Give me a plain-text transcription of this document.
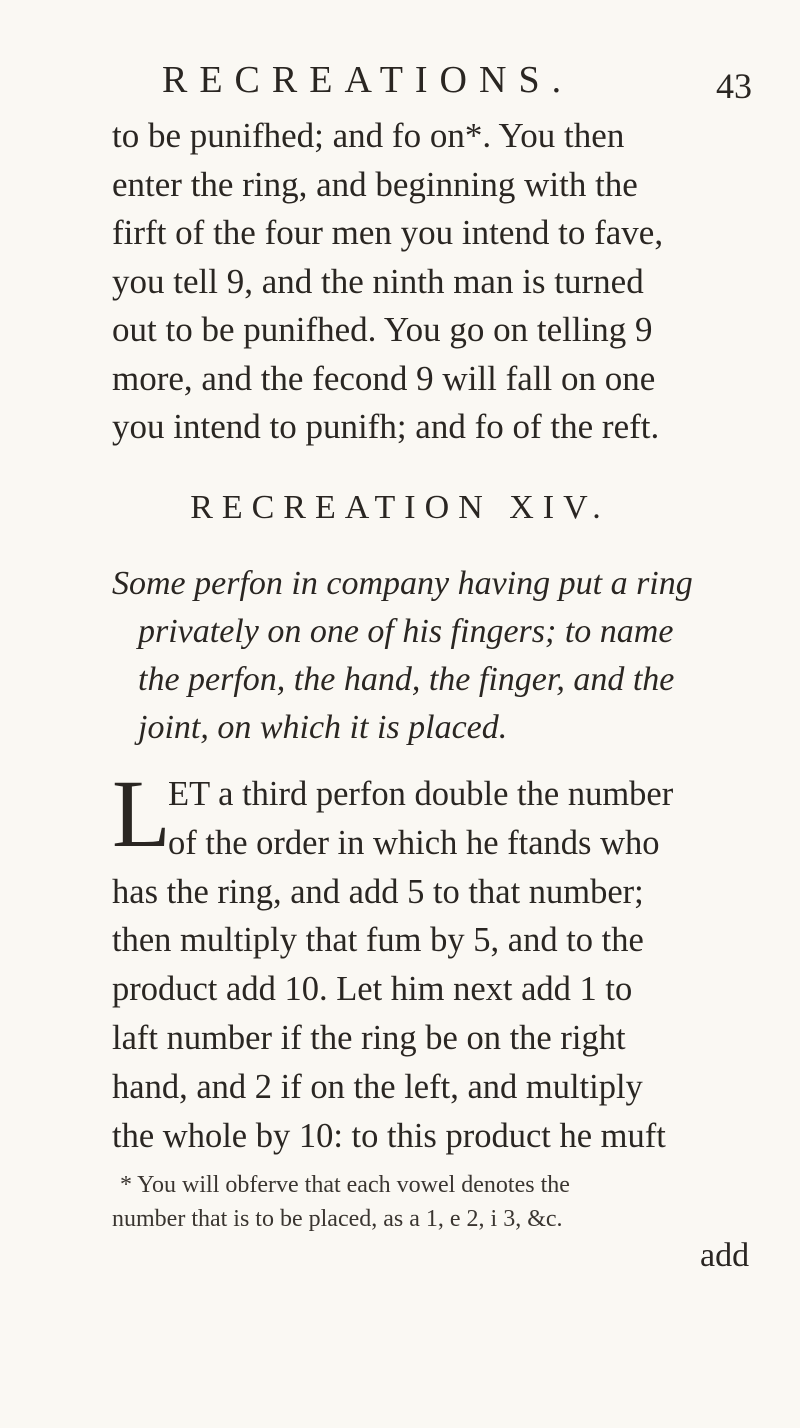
RECREATIONS.	43
to be punifhed; and fo on*. You then
enter the ring, and beginning with the
firft of the four men you intend to fave,
you tell 9, and the ninth man is turned
out to be punifhed. You go on telling 9
more, and the fecond 9 will fall on one
you intend to punifh; and fo of the reft.
RECREATION XIV.
Some perfon in company having put a ring
privately on one of his fingers; to name
the perfon, the hand, the finger, and the
joint, on which it is placed.
L
ET a third perfon double the number
of the order in which he ftands who
has the ring, and add 5 to that number;
then multiply that fum by 5, and to the
product add 10. Let him next add 1 to
laft number if the ring be on the right
hand, and 2 if on the left, and multiply
the whole by 10: to this product he muft
* You will obferve that each vowel denotes the
number that is to be placed, as a 1, e 2, i 3, &c.
add
